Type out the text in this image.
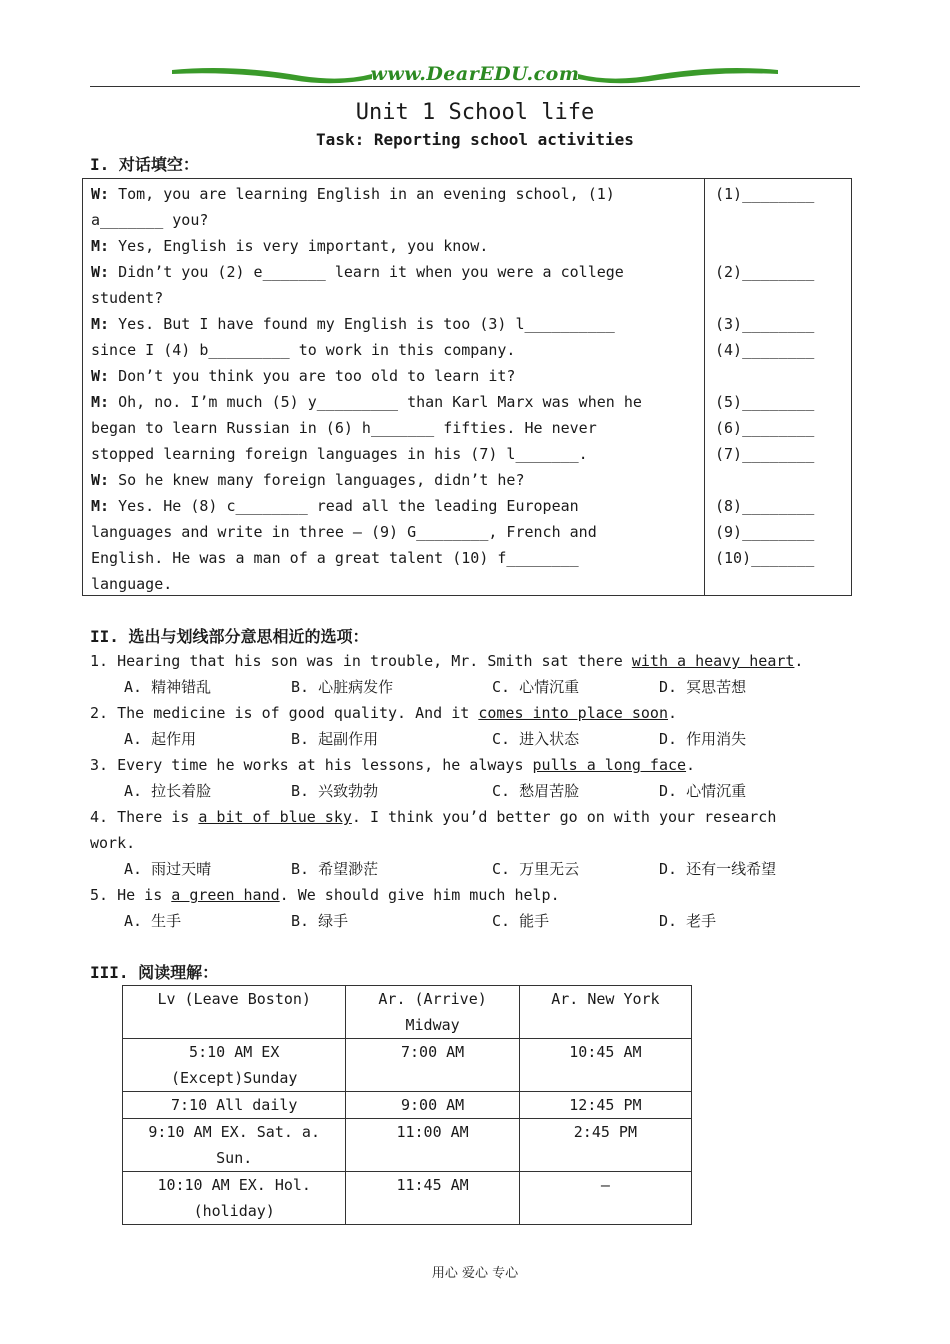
www.DearEDU.com
Unit 1 School life
Task: Reporting school activities
I. 对话填空：
W: Tom, you are learning English in an evening school, (1)
a_______ you?
M: Yes, English is very important, you know.
W: Didn’t you (2) e_______ learn it when you were a college
student?
M: Yes. But I have found my English is too (3) l__________
since I (4) b_________ to work in this company.
W: Don’t you think you are too old to learn it?
M: Oh, no. I’m much (5) y_________ than Karl Marx was when he
began to learn Russian in (6) h_______ fifties. He never
stopped learning foreign languages in his (7) l_______.
W: So he knew many foreign languages, didn’t he?
M: Yes. He (8) c________ read all the leading European
languages and write in three — (9) G________, French and
English. He was a man of a great talent (10) f________
language.
(1)________
(2)________
(3)________
(4)________
(5)________
(6)________
(7)________
(8)________
(9)________
(10)_______
II. 选出与划线部分意思相近的选项：
1. Hearing that his son was in trouble, Mr. Smith sat there with a heavy heart.
A. 精神错乱	B. 心脏病发作	C. 心情沉重	D. 冥思苦想
2. The medicine is of good quality. And it comes into place soon.
A. 起作用	B. 起副作用	C. 进入状态	D. 作用消失
3. Every time he works at his lessons, he always pulls a long face.
A. 拉长着脸	B. 兴致勃勃	C. 愁眉苦脸	D. 心情沉重
4. There is a bit of blue sky. I think you’d better go on with your research
work.
A. 雨过天晴	B. 希望渺茫	C. 万里无云	D. 还有一线希望
5. He is a green hand. We should give him much help.
A. 生手	B. 绿手	C. 能手	D. 老手
III. 阅读理解：
Lv (Leave Boston)	Ar. (Arrive) Midway	Ar. New York
5:10 AM EX (Except)Sunday	7:00 AM	10:45 AM
7:10 All daily	9:00 AM	12:45 PM
9:10 AM EX. Sat. a. Sun.	11:00 AM	2:45 PM
10:10 AM EX. Hol. (holiday)	11:45 AM	—
用心 爱心 专心
